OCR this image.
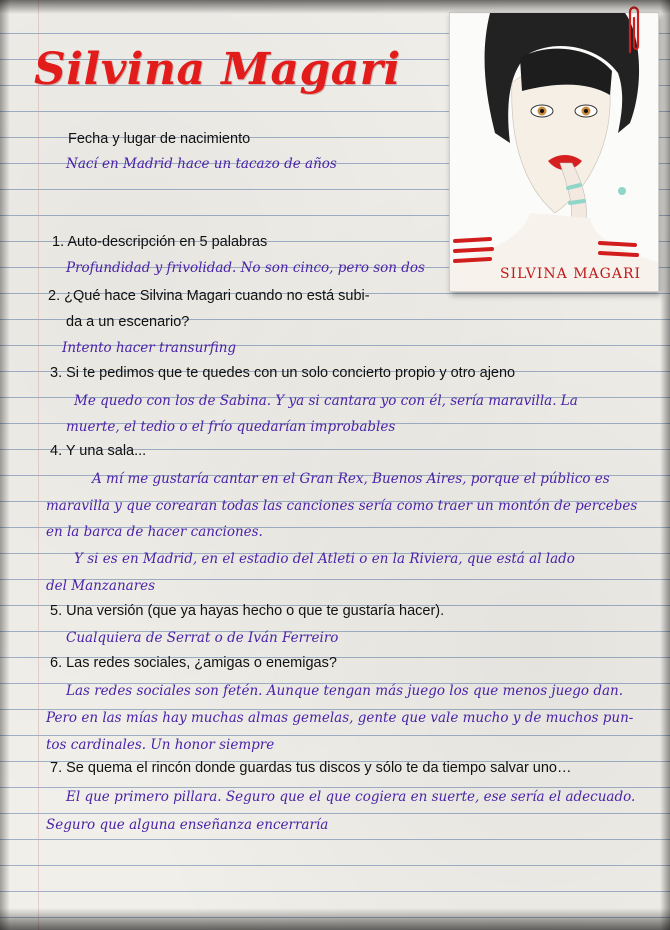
Silvina Magari
SILVINA MAGARI
Fecha y lugar de nacimiento
Nací en Madrid hace un tacazo de años
1. Auto-descripción en 5 palabras
Profundidad y frivolidad. No son cinco, pero son dos
2. ¿Qué hace Silvina Magari cuando no está subi-
da a un escenario?
Intento hacer transurfing
3. Si te pedimos que te quedes con un solo concierto propio y otro ajeno
Me quedo con los de Sabina. Y ya si cantara yo con él, sería maravilla. La
muerte, el tedio o el frío quedarían improbables
4. Y una sala...
A mí me gustaría cantar en el Gran Rex, Buenos Aires, porque el público es
maravilla y que corearan todas las canciones sería como traer un montón de percebes
en la barca de hacer canciones.
Y si es en Madrid, en el estadio del Atleti o en la Riviera, que está al lado
del Manzanares
5. Una versión (que ya hayas hecho o que te gustaría hacer).
Cualquiera de Serrat o de Iván Ferreiro
6. Las redes sociales, ¿amigas o enemigas?
Las redes sociales son fetén. Aunque tengan más juego los que menos juego dan.
Pero en las mías hay muchas almas gemelas, gente que vale mucho y de muchos pun-
tos cardinales. Un honor siempre
7. Se quema el rincón donde guardas tus discos y sólo te da tiempo salvar uno…
El que primero pillara. Seguro que el que cogiera en suerte, ese sería el adecuado.
Seguro que alguna enseñanza encerraría
